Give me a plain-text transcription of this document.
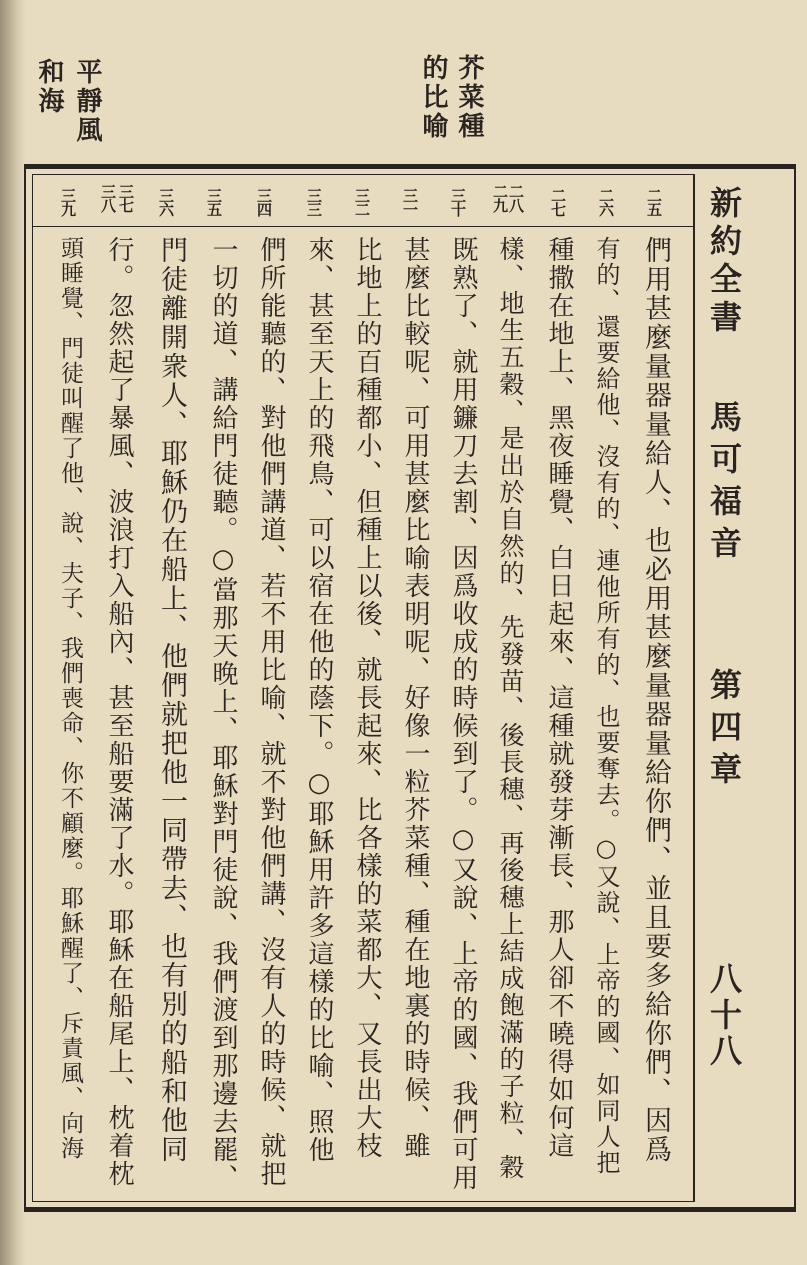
平靜風
和海	芥菜種
的比喻
新約全書
馬可福音
第四章
八十八
二五
二六
二七
二八
二九
三十
三一
三二
三三
三四
三五
三六
三七
三八
三九
們用甚麼量器量給人、也必用甚麼量器量給你們、並且要多給你們、因爲
有的、還要給他、沒有的、連他所有的、也要奪去。○又說、上帝的國、如同人把
種撒在地上、黑夜睡覺、白日起來、這種就發芽漸長、那人卻不曉得如何這
樣、地生五穀、是出於自然的、先發苗、後長穗、再後穗上結成飽滿的子粒、穀
既熟了、就用鐮刀去割、因爲收成的時候到了。○又說、上帝的國、我們可用
甚麼比較呢、可用甚麼比喻表明呢、好像一粒芥菜種、種在地裏的時候、雖
比地上的百種都小、但種上以後、就長起來、比各樣的菜都大、又長出大枝
來、甚至天上的飛鳥、可以宿在他的蔭下。○耶穌用許多這樣的比喻、照他
們所能聽的、對他們講道、若不用比喻、就不對他們講、沒有人的時候、就把
一切的道、講給門徒聽。○當那天晚上、耶穌對門徒說、我們渡到那邊去罷、
門徒離開衆人、耶穌仍在船上、他們就把他一同帶去、也有別的船和他同
行。忽然起了暴風、波浪打入船內、甚至船要滿了水。耶穌在船尾上、枕着枕
頭睡覺、門徒叫醒了他、說、夫子、我們喪命、你不顧麼。耶穌醒了、斥責風、向海
